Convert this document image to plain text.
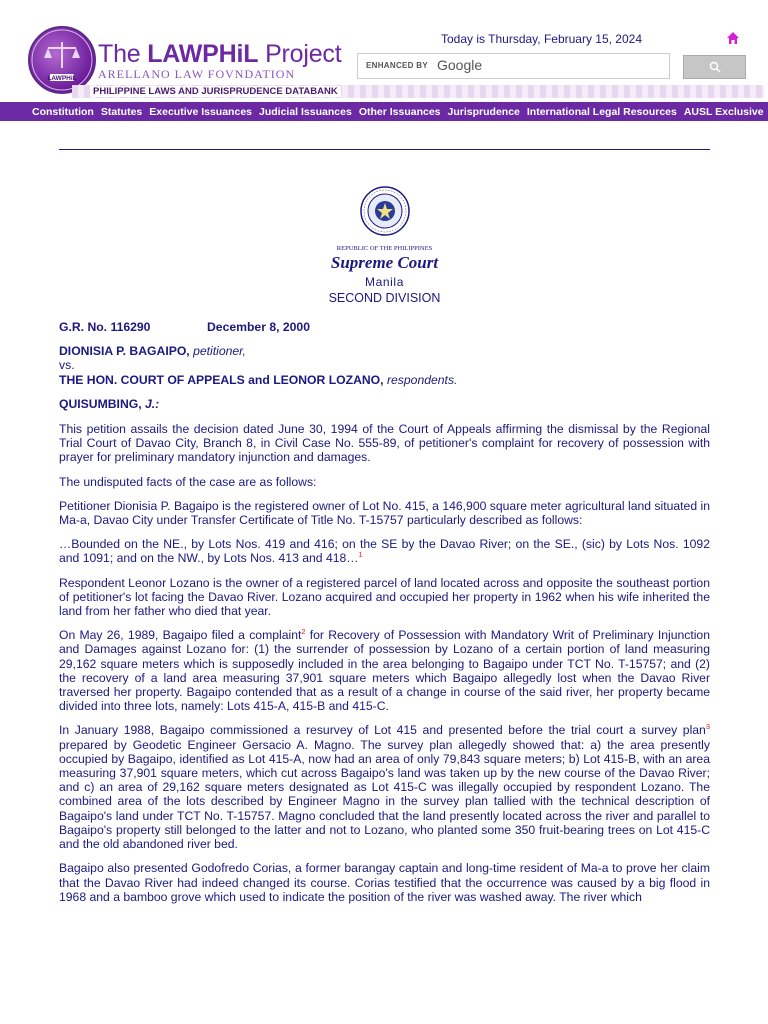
LAWPHiL
The LAWPHiL Project
ARELLANO LAW FOVNDATION
PHILIPPINE LAWS AND JURISPRUDENCE DATABANK
Today is Thursday, February 15, 2024
ENHANCED BY Google
Constitution Statutes Executive Issuances Judicial Issuances Other Issuances Jurisprudence International Legal Resources AUSL Exclusive
REPUBLIC OF THE PHILIPPINES
Supreme Court
Manila
SECOND DIVISION
G.R. No. 116290	December 8, 2000
DIONISIA P. BAGAIPO, petitioner,
vs.
THE HON. COURT OF APPEALS and LEONOR LOZANO, respondents.
QUISUMBING, J.:

This petition assails the decision dated June 30, 1994 of the Court of Appeals affirming the dismissal by the Regional Trial Court of Davao City, Branch 8, in Civil Case No. 555-89, of petitioner's complaint for recovery of possession with prayer for preliminary mandatory injunction and damages.

The undisputed facts of the case are as follows:

Petitioner Dionisia P. Bagaipo is the registered owner of Lot No. 415, a 146,900 square meter agricultural land situated in Ma-a, Davao City under Transfer Certificate of Title No. T-15757 particularly described as follows:

…Bounded on the NE., by Lots Nos. 419 and 416; on the SE by the Davao River; on the SE., (sic) by Lots Nos. 1092 and 1091; and on the NW., by Lots Nos. 413 and 418…$^1$

Respondent Leonor Lozano is the owner of a registered parcel of land located across and opposite the southeast portion of petitioner's lot facing the Davao River. Lozano acquired and occupied her property in 1962 when his wife inherited the land from her father who died that year.

On May 26, 1989, Bagaipo filed a complaint$^2$ for Recovery of Possession with Mandatory Writ of Preliminary Injunction and Damages against Lozano for: (1) the surrender of possession by Lozano of a certain portion of land measuring 29,162 square meters which is supposedly included in the area belonging to Bagaipo under TCT No. T-15757; and (2) the recovery of a land area measuring 37,901 square meters which Bagaipo allegedly lost when the Davao River traversed her property. Bagaipo contended that as a result of a change in course of the said river, her property became divided into three lots, namely: Lots 415-A, 415-B and 415-C.

In January 1988, Bagaipo commissioned a resurvey of Lot 415 and presented before the trial court a survey plan$^3$ prepared by Geodetic Engineer Gersacio A. Magno. The survey plan allegedly showed that: a) the area presently occupied by Bagaipo, identified as Lot 415-A, now had an area of only 79,843 square meters; b) Lot 415-B, with an area measuring 37,901 square meters, which cut across Bagaipo's land was taken up by the new course of the Davao River; and c) an area of 29,162 square meters designated as Lot 415-C was illegally occupied by respondent Lozano. The combined area of the lots described by Engineer Magno in the survey plan tallied with the technical description of Bagaipo's land under TCT No. T-15757. Magno concluded that the land presently located across the river and parallel to Bagaipo's property still belonged to the latter and not to Lozano, who planted some 350 fruit-bearing trees on Lot 415-C and the old abandoned river bed.

Bagaipo also presented Godofredo Corias, a former barangay captain and long-time resident of Ma-a to prove her claim that the Davao River had indeed changed its course. Corias testified that the occurrence was caused by a big flood in 1968 and a bamboo grove which used to indicate the position of the river was washed away. The river which
